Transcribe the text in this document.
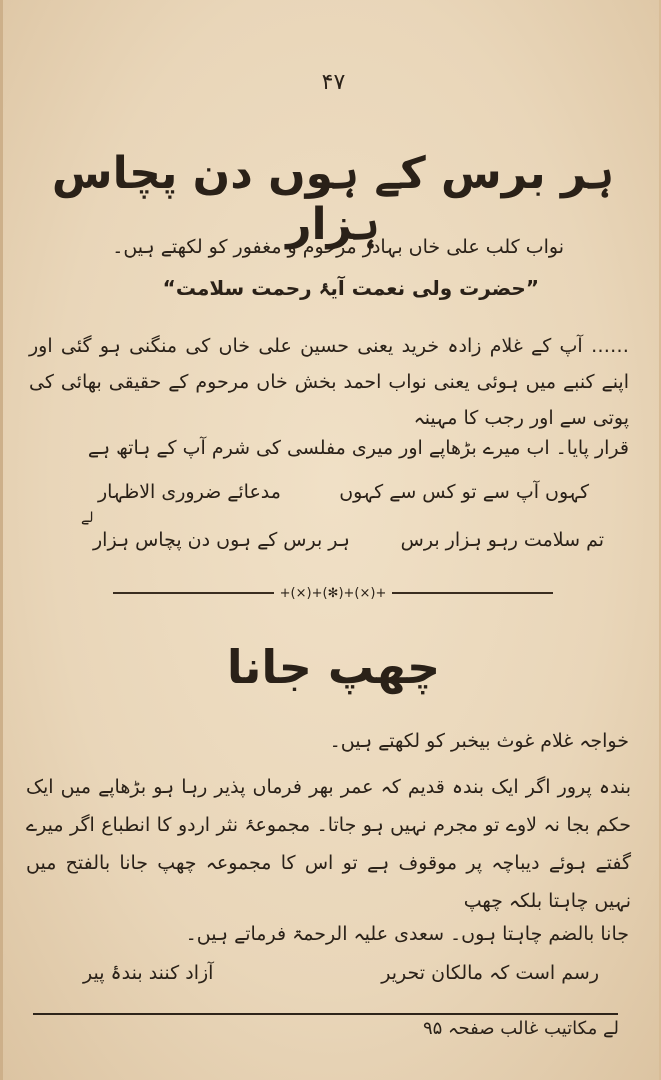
۴۷
ہر برس کے ہوں دن پچاس ہزار
نواب کلب علی خاں بہادر مرحوم و مغفور کو لکھتے ہیں۔
”حضرت ولی نعمت آیۂ رحمت سلامت“
…… آپ کے غلام زادہ خرید یعنی حسین علی خاں کی منگنی ہو گئی اور اپنے کنبے میں ہوئی یعنی نواب احمد بخش خاں مرحوم کے حقیقی بھائی کی پوتی سے اور رجب کا مہینہ
قرار پایا۔ اب میرے بڑھاپے اور میری مفلسی کی شرم آپ کے ہاتھ ہے
کہوں آپ سے تو کس سے کہوں
مدعائے ضروری الاظہار
لے
تم سلامت رہو ہزار برس
ہر برس کے ہوں دن پچاس ہزار
+(×)+(✻)+(×)+
چھپ جانا
خواجہ غلام غوث بیخبر کو لکھتے ہیں۔
بندہ پرور اگر ایک بندہ قدیم کہ عمر بھر فرماں پذیر رہا ہو بڑھاپے میں ایک حکم بجا نہ لاوے تو مجرم نہیں ہو جاتا۔ مجموعۂ نثر اردو کا انطباع اگر میرے گفتے ہوئے دیباچہ پر موقوف ہے تو اس کا مجموعہ چھپ جانا بالفتح میں نہیں چاہتا بلکہ چھپ
جانا بالضم چاہتا ہوں۔ سعدی علیہ الرحمۃ فرماتے ہیں۔
رسم است کہ مالکان تحریر
آزاد کنند بندۂ پیر
لے مکاتیب غالب صفحہ ۹۵
